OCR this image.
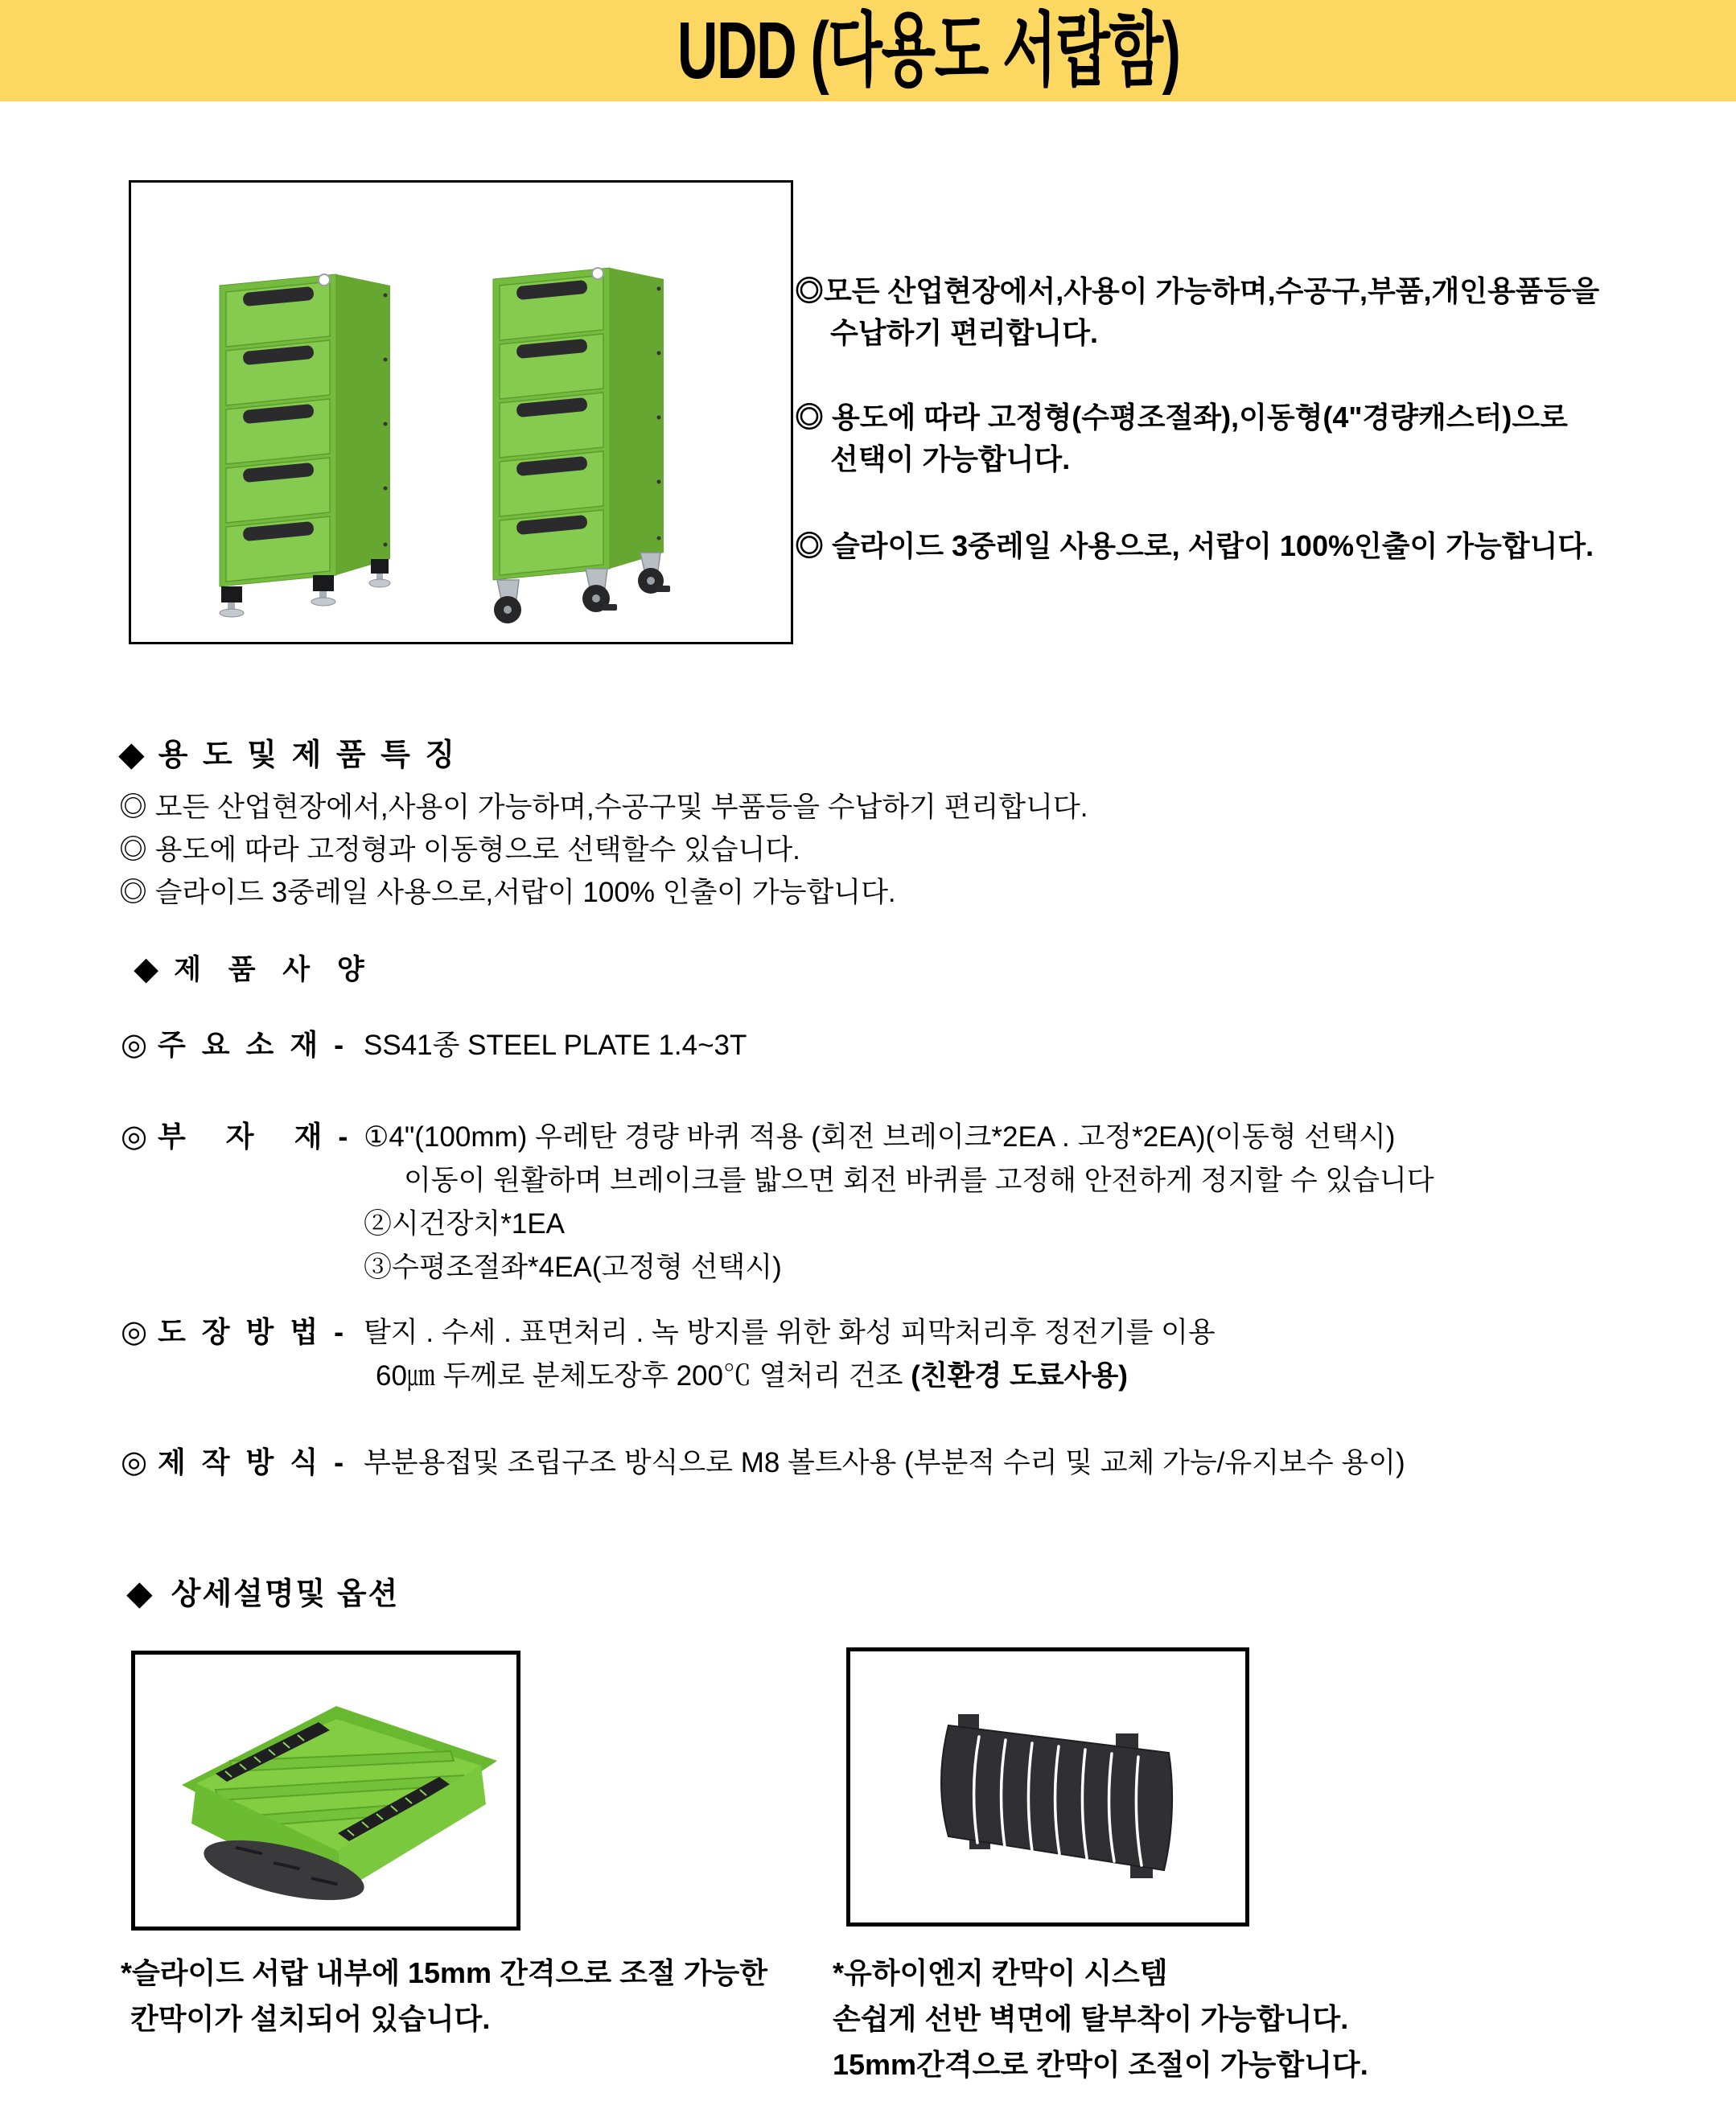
UDD (다용도 서랍함)

◎모든 산업현장에서,사용이 가능하며,수공구,부품,개인용품등을
수납하기 편리합니다.

◎ 용도에 따라 고정형(수평조절좌),이동형(4"경량캐스터)으로
선택이 가능합니다.

◎ 슬라이드 3중레일 사용으로, 서랍이 100%인출이 가능합니다.

◆ 용 도 및 제 품 특 징
◎ 모든 산업현장에서,사용이 가능하며,수공구및 부품등을 수납하기 편리합니다.
◎ 용도에 따라 고정형과 이동형으로 선택할수 있습니다.
◎ 슬라이드 3중레일 사용으로,서랍이 100% 인출이 가능합니다.
◆ 제 품 사 양
◎ 주 요 소 재 - SS41종 STEEL PLATE 1.4~3T
◎ 부   자   재 - ①4"(100mm) 우레탄 경량 바퀴 적용 (회전 브레이크*2EA . 고정*2EA)(이동형 선택시)
이동이 원활하며 브레이크를 밟으면 회전 바퀴를 고정해 안전하게 정지할 수 있습니다
②시건장치*1EA
③수평조절좌*4EA(고정형 선택시)
◎ 도 장 방 법 - 탈지 . 수세 . 표면처리 . 녹 방지를 위한 화성 피막처리후 정전기를 이용
60㎛ 두께로 분체도장후 200℃ 열처리 건조 (친환경 도료사용)
◎ 제 작 방 식 - 부분용접및 조립구조 방식으로 M8 볼트사용 (부분적 수리 및 교체 가능/유지보수 용이)
◆ 상세설명및 옵션
*슬라이드 서랍 내부에 15mm 간격으로 조절 가능한
칸막이가 설치되어 있습니다.
*유하이엔지 칸막이 시스템
손쉽게 선반 벽면에 탈부착이 가능합니다.
15mm간격으로 칸막이 조절이 가능합니다.
